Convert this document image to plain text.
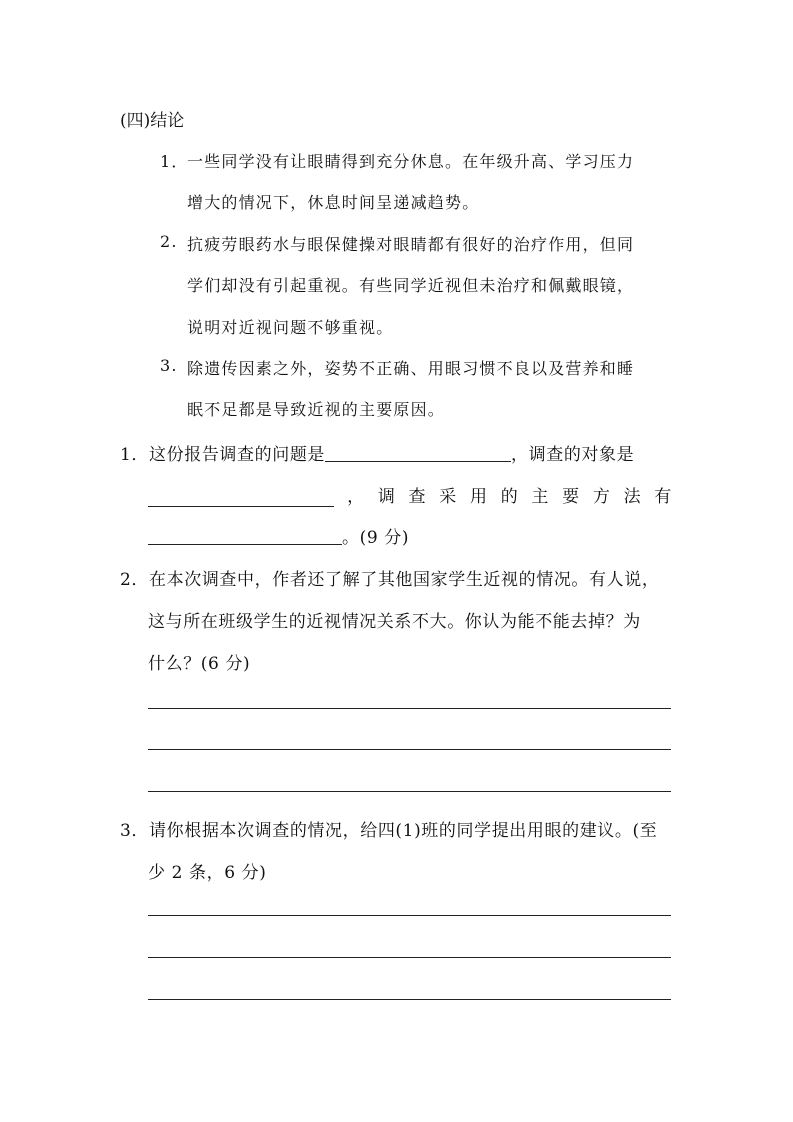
(四)结论
1．
一些同学没有让眼睛得到充分休息。在年级升高、学习压力
增大的情况下，休息时间呈递减趋势。
2. 抗疲劳眼药水与眼保健操对眼睛都有很好的治疗作用，但同
学们却没有引起重视。有些同学近视但未治疗和佩戴眼镜，
说明对近视问题不够重视。
3. 除遗传因素之外，姿势不正确、用眼习惯不良以及营养和睡
眠不足都是导致近视的主要原因。
1．这份报告调查的问题是	，调查的对象是
， 调 查 采 用 的 主 要 方 法 有
。(9 分)
2．在本次调查中，作者还了解了其他国家学生近视的情况。有人说，
这与所在班级学生的近视情况关系不大。你认为能不能去掉？为
什么？(6 分)
3．请你根据本次调查的情况，给四(1)班的同学提出用眼的建议。(至
少 2 条，6 分)
